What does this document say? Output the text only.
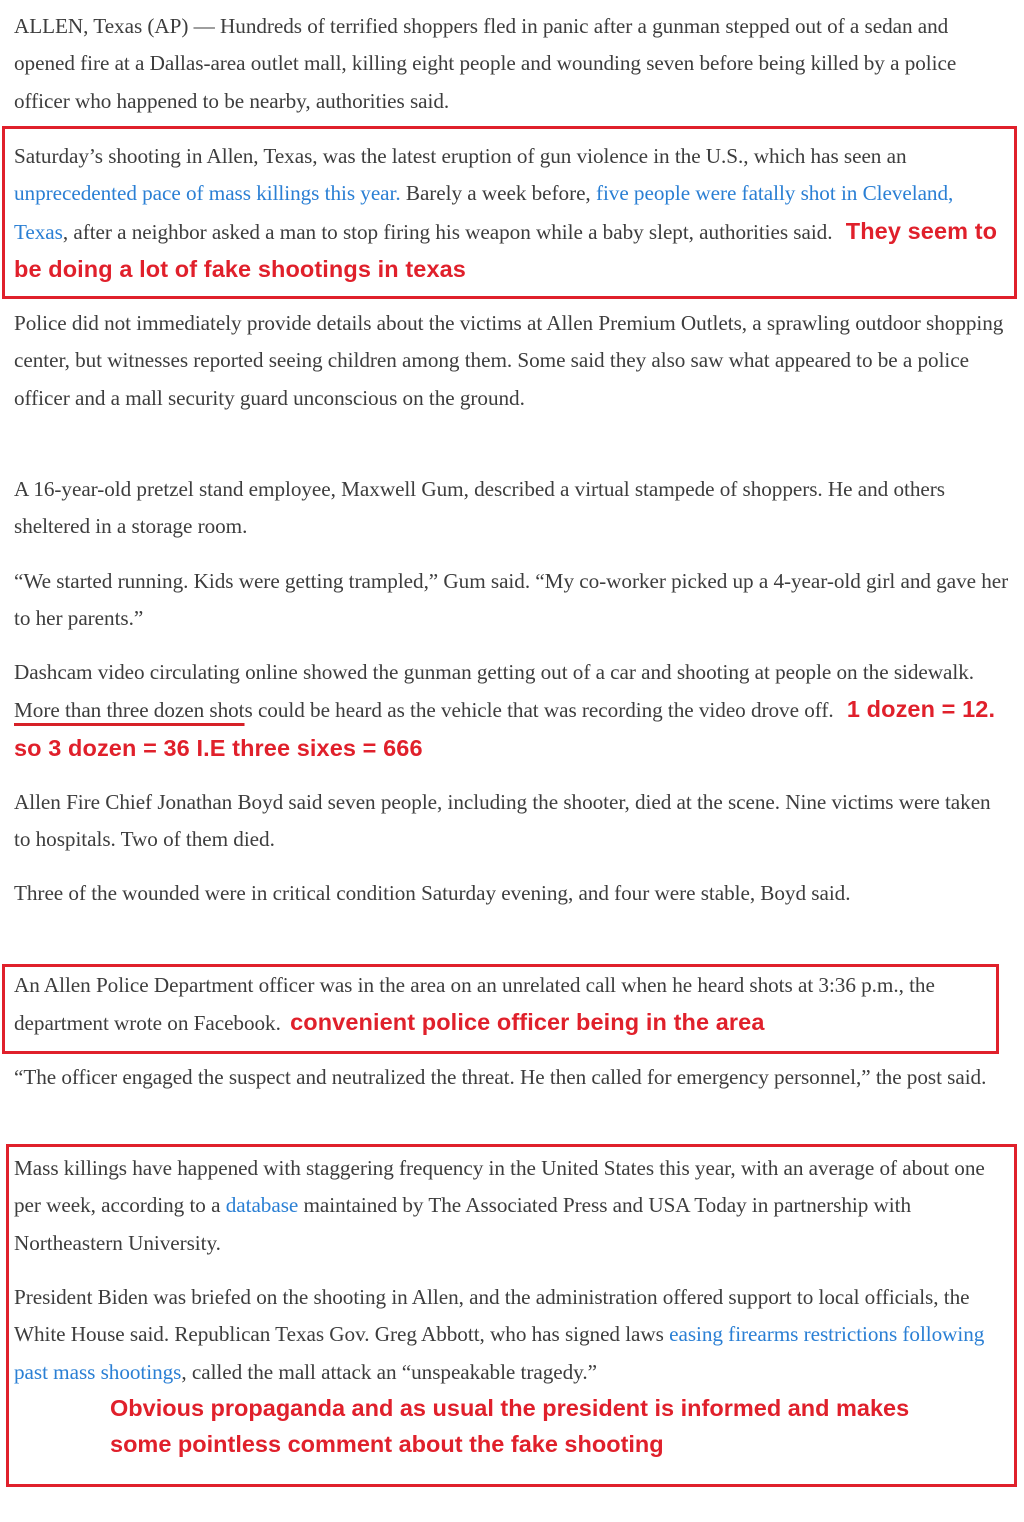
ALLEN, Texas (AP) — Hundreds of terrified shoppers fled in panic after a gunman stepped out of a sedan and opened fire at a Dallas-area outlet mall, killing eight people and wounding seven before being killed by a police officer who happened to be nearby, authorities said.

Saturday’s shooting in Allen, Texas, was the latest eruption of gun violence in the U.S., which has seen an unprecedented pace of mass killings this year. Barely a week before, five people were fatally shot in Cleveland, Texas, after a neighbor asked a man to stop firing his weapon while a baby slept, authorities said. They seem to be doing a lot of fake shootings in texas

Police did not immediately provide details about the victims at Allen Premium Outlets, a sprawling outdoor shopping center, but witnesses reported seeing children among them. Some said they also saw what appeared to be a police officer and a mall security guard unconscious on the ground.

A 16-year-old pretzel stand employee, Maxwell Gum, described a virtual stampede of shoppers. He and others sheltered in a storage room.

“We started running. Kids were getting trampled,” Gum said. “My co-worker picked up a 4-year-old girl and gave her to her parents.”

Dashcam video circulating online showed the gunman getting out of a car and shooting at people on the sidewalk. More than three dozen shots could be heard as the vehicle that was recording the video drove off. 1 dozen = 12. so 3 dozen = 36 I.E three sixes = 666

Allen Fire Chief Jonathan Boyd said seven people, including the shooter, died at the scene. Nine victims were taken to hospitals. Two of them died.

Three of the wounded were in critical condition Saturday evening, and four were stable, Boyd said.

An Allen Police Department officer was in the area on an unrelated call when he heard shots at 3:36 p.m., the department wrote on Facebook. convenient police officer being in the area

“The officer engaged the suspect and neutralized the threat. He then called for emergency personnel,” the post said.

Mass killings have happened with staggering frequency in the United States this year, with an average of about one per week, according to a database maintained by The Associated Press and USA Today in partnership with Northeastern University.

President Biden was briefed on the shooting in Allen, and the administration offered support to local officials, the White House said. Republican Texas Gov. Greg Abbott, who has signed laws easing firearms restrictions following past mass shootings, called the mall attack an “unspeakable tragedy.”

Obvious propaganda and as usual the president is informed and makes
some pointless comment about the fake shooting
